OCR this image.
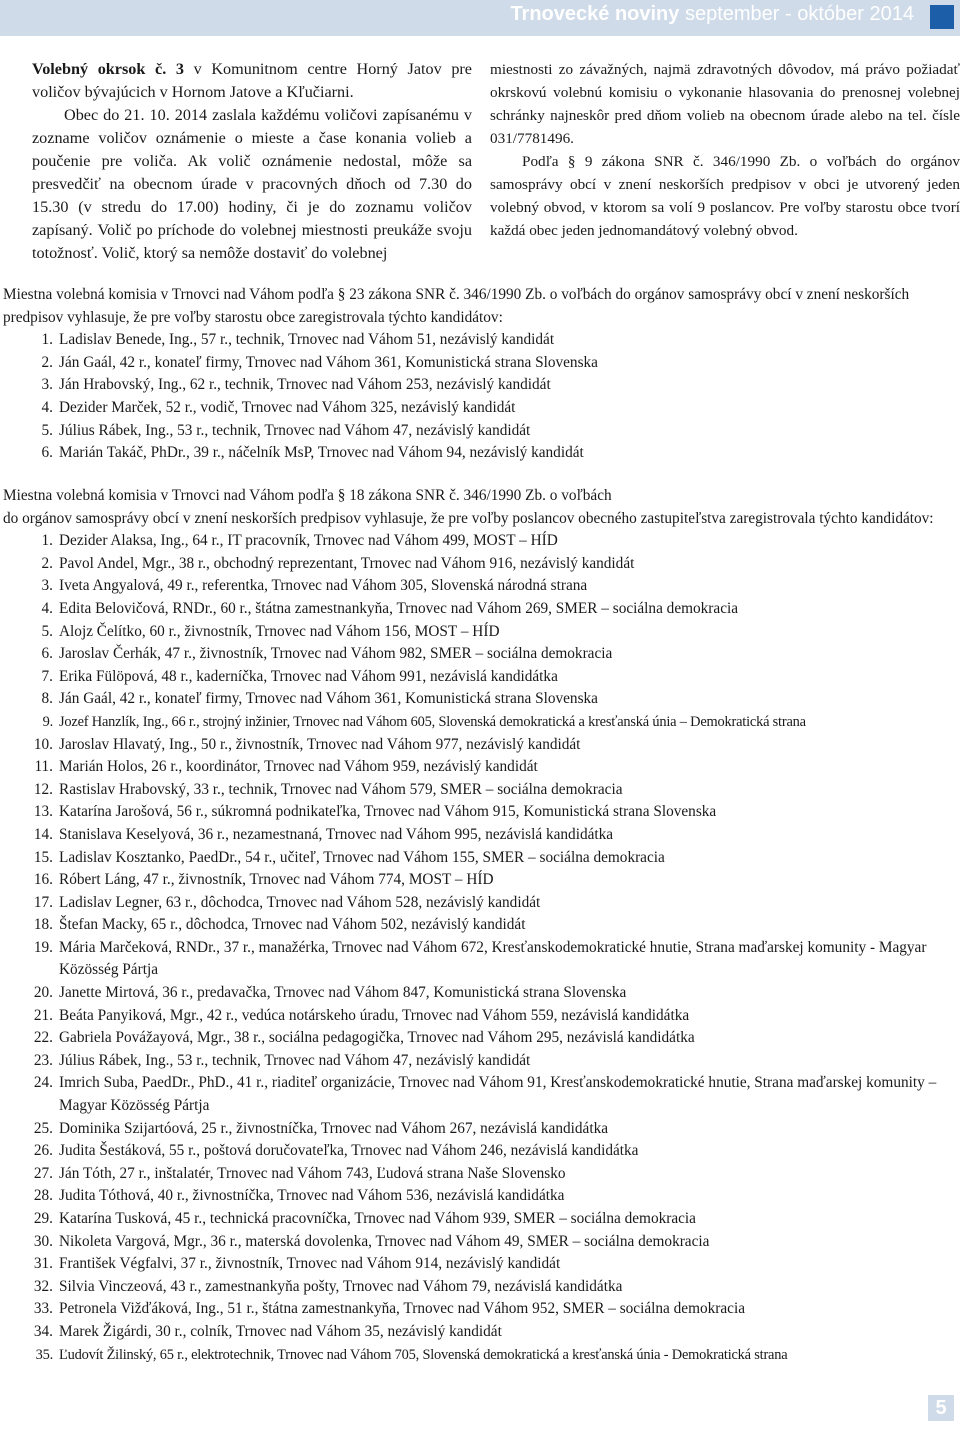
Trnovecké noviny september - október 2014

Volebný okrsok č. 3 v Komunitnom centre Horný Jatov pre voličov bývajúcich v Hornom Jatove a Kľučiarni.

Obec do 21. 10. 2014 zaslala každému voličovi zapísanému v zozname voličov oznámenie o mieste a čase konania volieb a poučenie pre voliča. Ak volič oznámenie nedostal, môže sa presvedčiť na obecnom úrade v pracovných dňoch od 7.30 do 15.30 (v stredu do 17.00) hodiny, či je do zoznamu voličov zapísaný. Volič po príchode do volebnej miestnosti preukáže svoju totožnosť. Volič, ktorý sa nemôže dostaviť do volebnej

miestnosti zo závažných, najmä zdravotných dôvodov, má právo požiadať okrskovú volebnú komisiu o vykonanie hlasovania do prenosnej volebnej schránky najneskôr pred dňom volieb na obecnom úrade alebo na tel. čísle 031/7781496.

Podľa § 9 zákona SNR č. 346/1990 Zb. o voľbách do orgánov samosprávy obcí v znení neskorších predpisov v obci je utvorený jeden volebný obvod, v ktorom sa volí 9 poslancov. Pre voľby starostu obce tvorí každá obec jeden jednomandátový volebný obvod.

Miestna volebná komisia v Trnovci nad Váhom podľa § 23 zákona SNR č. 346/1990 Zb. o voľbách do orgánov samosprávy obcí v znení neskorších predpisov vyhlasuje, že pre voľby starostu obce zaregistrovala týchto kandidátov:

1. Ladislav Benede, Ing., 57 r., technik, Trnovec nad Váhom 51, nezávislý kandidát
2. Ján Gaál, 42 r., konateľ firmy, Trnovec nad Váhom 361, Komunistická strana Slovenska
3. Ján Hrabovský, Ing., 62 r., technik, Trnovec nad Váhom 253, nezávislý kandidát
4. Dezider Marček, 52 r., vodič, Trnovec nad Váhom 325, nezávislý kandidát
5. Július Rábek, Ing., 53 r., technik, Trnovec nad Váhom 47, nezávislý kandidát
6. Marián Takáč, PhDr., 39 r., náčelník MsP, Trnovec nad Váhom 94, nezávislý kandidát

Miestna volebná komisia v Trnovci nad Váhom podľa § 18 zákona SNR č. 346/1990 Zb. o voľbách

do orgánov samosprávy obcí v znení neskorších predpisov vyhlasuje, že pre voľby poslancov obecného zastupiteľstva zaregistrovala týchto kandidátov:

1. Dezider Alaksa, Ing., 64 r., IT pracovník, Trnovec nad Váhom 499, MOST – HÍD
2. Pavol Andel, Mgr., 38 r., obchodný reprezentant, Trnovec nad Váhom 916, nezávislý kandidát
3. Iveta Angyalová, 49 r., referentka, Trnovec nad Váhom 305, Slovenská národná strana
4. Edita Belovičová, RNDr., 60 r., štátna zamestnankyňa, Trnovec nad Váhom 269, SMER – sociálna demokracia
5. Alojz Čelítko, 60 r., živnostník, Trnovec nad Váhom 156, MOST – HÍD
6. Jaroslav Čerhák, 47 r., živnostník, Trnovec nad Váhom 982, SMER – sociálna demokracia
7. Erika Fülöpová, 48 r., kaderníčka, Trnovec nad Váhom 991, nezávislá kandidátka
8. Ján Gaál, 42 r., konateľ firmy, Trnovec nad Váhom 361, Komunistická strana Slovenska
9. Jozef Hanzlík, Ing., 66 r., strojný inžinier, Trnovec nad Váhom 605, Slovenská demokratická a kresťanská únia – Demokratická strana
10. Jaroslav Hlavatý, Ing., 50 r., živnostník, Trnovec nad Váhom 977, nezávislý kandidát
11. Marián Holos, 26 r., koordinátor, Trnovec nad Váhom 959, nezávislý kandidát
12. Rastislav Hrabovský, 33 r., technik, Trnovec nad Váhom 579, SMER – sociálna demokracia
13. Katarína Jarošová, 56 r., súkromná podnikateľka, Trnovec nad Váhom 915, Komunistická strana Slovenska
14. Stanislava Keselyová, 36 r., nezamestnaná, Trnovec nad Váhom 995, nezávislá kandidátka
15. Ladislav Kosztanko, PaedDr., 54 r., učiteľ, Trnovec nad Váhom 155, SMER – sociálna demokracia
16. Róbert Láng, 47 r., živnostník, Trnovec nad Váhom 774, MOST – HÍD
17. Ladislav Legner, 63 r., dôchodca, Trnovec nad Váhom 528, nezávislý kandidát
18. Štefan Macky, 65 r., dôchodca, Trnovec nad Váhom 502, nezávislý kandidát
19. Mária Marčeková, RNDr., 37 r., manažérka, Trnovec nad Váhom 672, Kresťanskodemokratické hnutie, Strana maďarskej komunity - Magyar Közösség Pártja
20. Janette Mirtová, 36 r., predavačka, Trnovec nad Váhom 847, Komunistická strana Slovenska
21. Beáta Panyiková, Mgr., 42 r., vedúca notárskeho úradu, Trnovec nad Váhom 559, nezávislá kandidátka
22. Gabriela Povážayová, Mgr., 38 r., sociálna pedagogička, Trnovec nad Váhom 295, nezávislá kandidátka
23. Július Rábek, Ing., 53 r., technik, Trnovec nad Váhom 47, nezávislý kandidát
24. Imrich Suba, PaedDr., PhD., 41 r., riaditeľ organizácie, Trnovec nad Váhom 91, Kresťanskodemokratické hnutie, Strana maďarskej komunity – Magyar Közösség Pártja
25. Dominika Szijartóová, 25 r., živnostníčka, Trnovec nad Váhom 267, nezávislá kandidátka
26. Judita Šestáková, 55 r., poštová doručovateľka, Trnovec nad Váhom 246, nezávislá kandidátka
27. Ján Tóth, 27 r., inštalatér, Trnovec nad Váhom 743, Ľudová strana Naše Slovensko
28. Judita Tóthová, 40 r., živnostníčka, Trnovec nad Váhom 536, nezávislá kandidátka
29. Katarína Tusková, 45 r., technická pracovníčka, Trnovec nad Váhom 939, SMER – sociálna demokracia
30. Nikoleta Vargová, Mgr., 36 r., materská dovolenka, Trnovec nad Váhom 49, SMER – sociálna demokracia
31. František Végfalvi, 37 r., živnostník, Trnovec nad Váhom 914, nezávislý kandidát
32. Silvia Vinczeová, 43 r., zamestnankyňa pošty, Trnovec nad Váhom 79, nezávislá kandidátka
33. Petronela Vižďáková, Ing., 51 r., štátna zamestnankyňa, Trnovec nad Váhom 952, SMER – sociálna demokracia
34. Marek Žigárdi, 30 r., colník, Trnovec nad Váhom 35, nezávislý kandidát
35. Ľudovít Žilinský, 65 r., elektrotechnik, Trnovec nad Váhom 705, Slovenská demokratická a kresťanská únia - Demokratická strana
5
